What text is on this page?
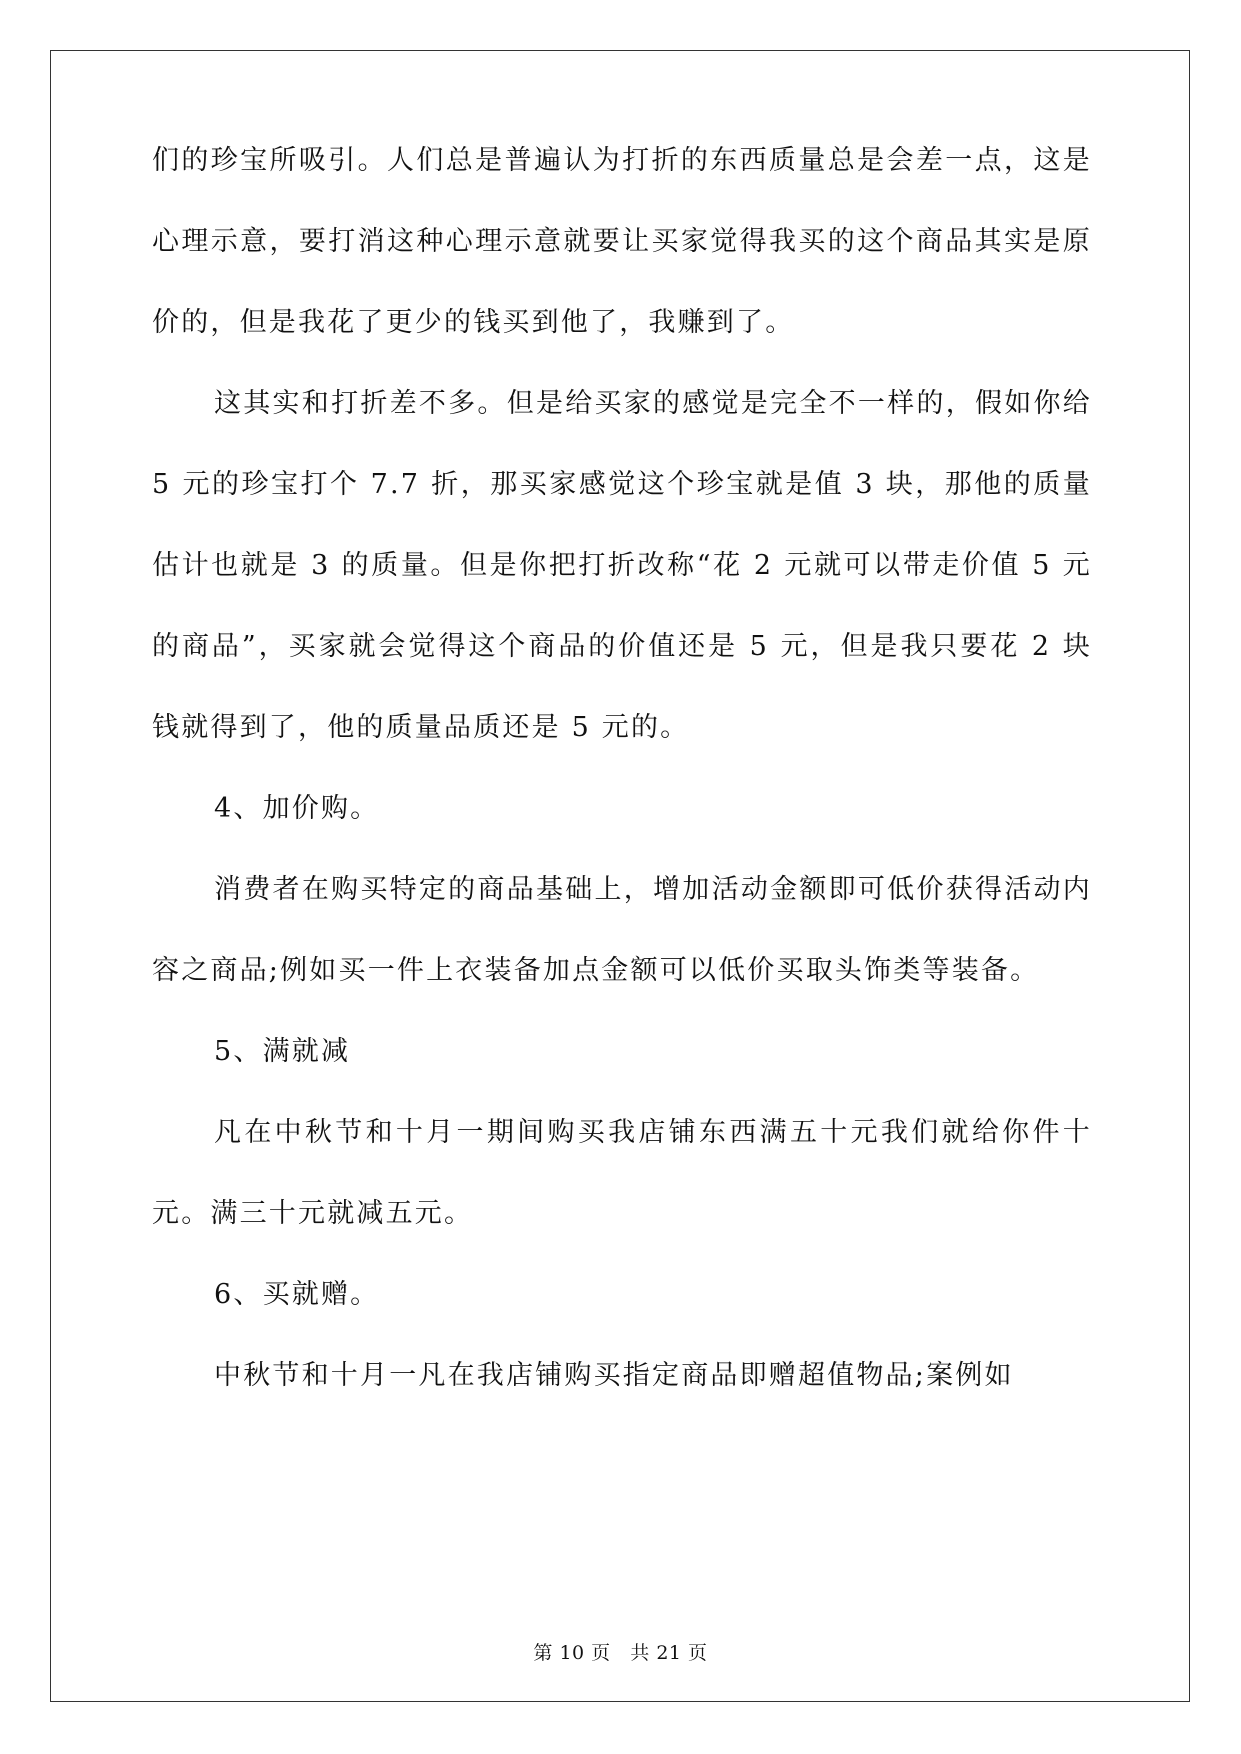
们的珍宝所吸引。人们总是普遍认为打折的东西质量总是会差一点，这是心理示意，要打消这种心理示意就要让买家觉得我买的这个商品其实是原价的，但是我花了更少的钱买到他了，我赚到了。

这其实和打折差不多。但是给买家的感觉是完全不一样的，假如你给 5 元的珍宝打个 7.7 折，那买家感觉这个珍宝就是值 3 块，那他的质量估计也就是 3 的质量。但是你把打折改称“花 2 元就可以带走价值 5 元的商品”，买家就会觉得这个商品的价值还是 5 元，但是我只要花 2 块钱就得到了，他的质量品质还是 5 元的。

4、加价购。

消费者在购买特定的商品基础上，增加活动金额即可低价获得活动内容之商品;例如买一件上衣装备加点金额可以低价买取头饰类等装备。

5、满就减

凡在中秋节和十月一期间购买我店铺东西满五十元我们就给你件十元。满三十元就减五元。

6、买就赠。

中秋节和十月一凡在我店铺购买指定商品即赠超值物品;案例如

第 10 页   共 21 页
